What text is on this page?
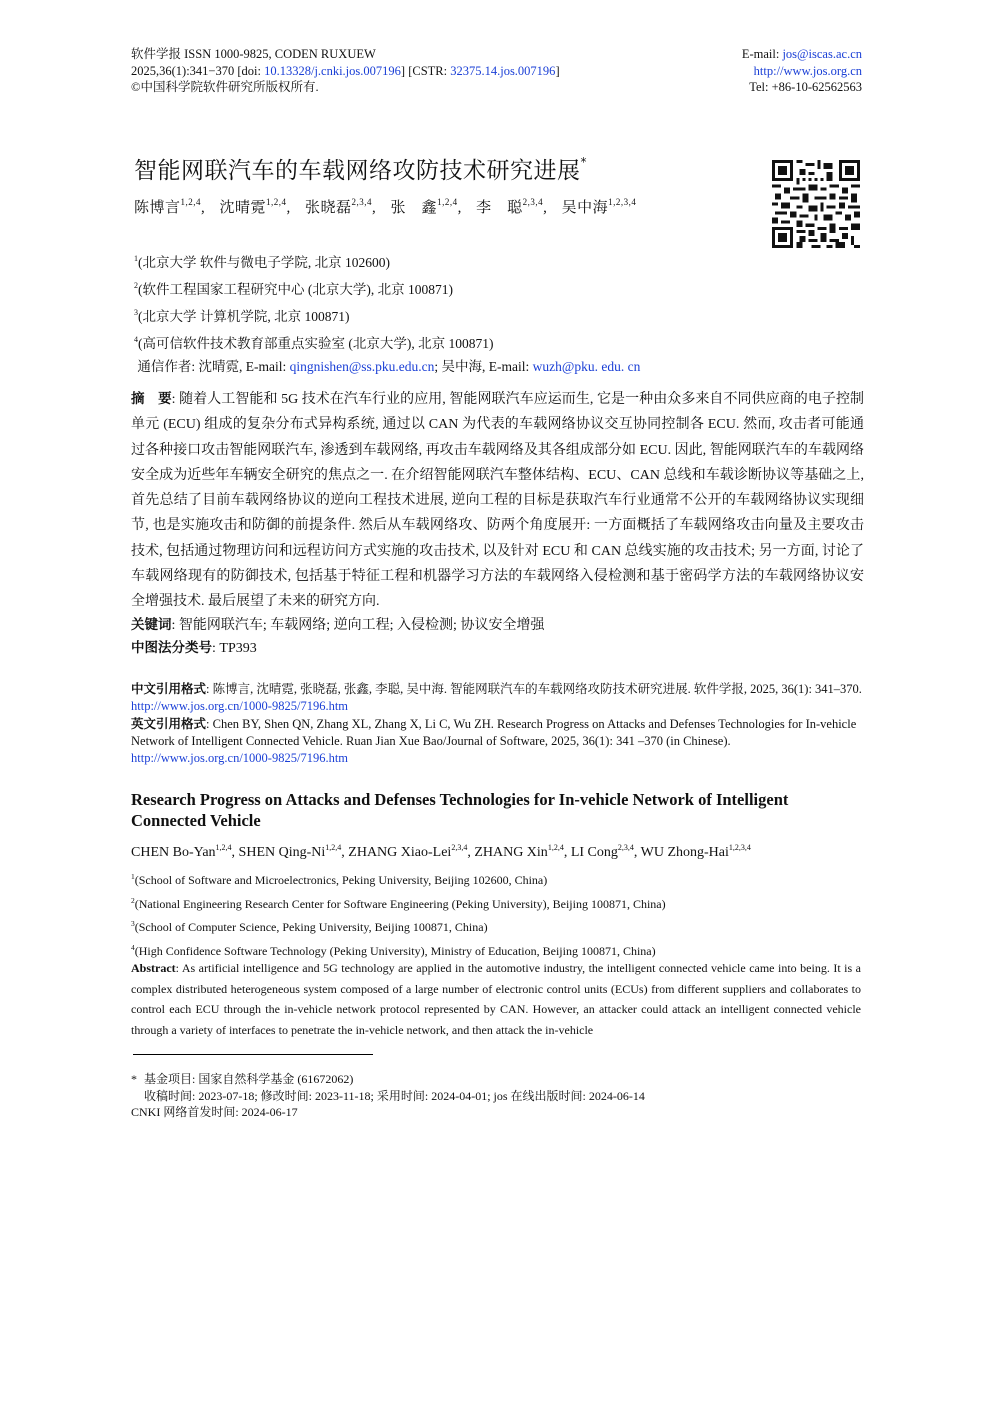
软件学报 ISSN 1000-9825, CODEN RUXUEW
2025,36(1):341−370 [doi: 10.13328/j.cnki.jos.007196] [CSTR: 32375.14.jos.007196]
©中国科学院软件研究所版权所有.
E-mail: jos@iscas.ac.cn
http://www.jos.org.cn
Tel: +86-10-62562563
智能网联汽车的车载网络攻防技术研究进展*
陈博言$^{1,2,4}$, 沈晴霓$^{1,2,4}$, 张晓磊$^{2,3,4}$, 张　鑫$^{1,2,4}$, 李　聪$^{2,3,4}$, 吴中海$^{1,2,3,4}$
$^1$(北京大学 软件与微电子学院, 北京 102600)
$^2$(软件工程国家工程研究中心 (北京大学), 北京 100871)
$^3$(北京大学 计算机学院, 北京 100871)
$^4$(高可信软件技术教育部重点实验室 (北京大学), 北京 100871)
通信作者: 沈晴霓, E-mail: qingnishen@ss.pku.edu.cn; 吴中海, E-mail: wuzh@pku. edu. cn
摘　要: 随着人工智能和 5G 技术在汽车行业的应用, 智能网联汽车应运而生, 它是一种由众多来自不同供应商的电子控制单元 (ECU) 组成的复杂分布式异构系统, 通过以 CAN 为代表的车载网络协议交互协同控制各 ECU. 然而, 攻击者可能通过各种接口攻击智能网联汽车, 渗透到车载网络, 再攻击车载网络及其各组成部分如 ECU. 因此, 智能网联汽车的车载网络安全成为近些年车辆安全研究的焦点之一. 在介绍智能网联汽车整体结构、ECU、CAN 总线和车载诊断协议等基础之上, 首先总结了目前车载网络协议的逆向工程技术进展, 逆向工程的目标是获取汽车行业通常不公开的车载网络协议实现细节, 也是实施攻击和防御的前提条件. 然后从车载网络攻、防两个角度展开: 一方面概括了车载网络攻击向量及主要攻击技术, 包括通过物理访问和远程访问方式实施的攻击技术, 以及针对 ECU 和 CAN 总线实施的攻击技术; 另一方面, 讨论了车载网络现有的防御技术, 包括基于特征工程和机器学习方法的车载网络入侵检测和基于密码学方法的车载网络协议安全增强技术. 最后展望了未来的研究方向.
关键词: 智能网联汽车; 车载网络; 逆向工程; 入侵检测; 协议安全增强
中图法分类号: TP393

中文引用格式: 陈博言, 沈晴霓, 张晓磊, 张鑫, 李聪, 吴中海. 智能网联汽车的车载网络攻防技术研究进展. 软件学报, 2025, 36(1): 341–370. http://www.jos.org.cn/1000-9825/7196.htm

英文引用格式: Chen BY, Shen QN, Zhang XL, Zhang X, Li C, Wu ZH. Research Progress on Attacks and Defenses Technologies for In-vehicle Network of Intelligent Connected Vehicle. Ruan Jian Xue Bao/Journal of Software, 2025, 36(1): 341 –370 (in Chinese). http://www.jos.org.cn/1000-9825/7196.htm

Research Progress on Attacks and Defenses Technologies for In-vehicle Network of Intelligent Connected Vehicle
CHEN Bo-Yan$^{1,2,4}$, SHEN Qing-Ni$^{1,2,4}$, ZHANG Xiao-Lei$^{2,3,4}$, ZHANG Xin$^{1,2,4}$, LI Cong$^{2,3,4}$, WU Zhong-Hai$^{1,2,3,4}$
$^1$(School of Software and Microelectronics, Peking University, Beijing 102600, China)
$^2$(National Engineering Research Center for Software Engineering (Peking University), Beijing 100871, China)
$^3$(School of Computer Science, Peking University, Beijing 100871, China)
$^4$(High Confidence Software Technology (Peking University), Ministry of Education, Beijing 100871, China)
Abstract: As artificial intelligence and 5G technology are applied in the automotive industry, the intelligent connected vehicle came into being. It is a complex distributed heterogeneous system composed of a large number of electronic control units (ECUs) from different suppliers and collaborates to control each ECU through the in-vehicle network protocol represented by CAN. However, an attacker could attack an intelligent connected vehicle through a variety of interfaces to penetrate the in-vehicle network, and then attack the in-vehicle
* 基金项目: 国家自然科学基金 (61672062)
收稿时间: 2023-07-18; 修改时间: 2023-11-18; 采用时间: 2024-04-01; jos 在线出版时间: 2024-06-14
CNKI 网络首发时间: 2024-06-17
